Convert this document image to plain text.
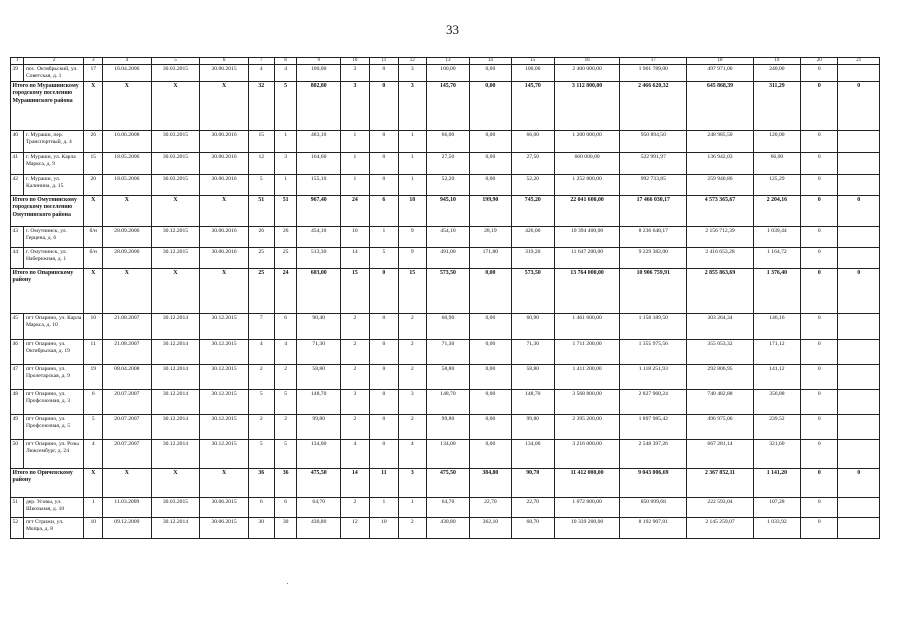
33
1	2	3	4	5	6	7	8	9	10	11	12	13	14	15	16	17	18	19	20	21
39	пос. Октябрьский, ул. Советская, д. 1	17	16.04.2006	30.03.2015	30.06.2015	4	4	100,00	3	0	3	100,00	0,00	100,00	2 400 000,00	1 901 789,00	497 971,00	240,00	0	
Итого по Мурашинскому городскому поселению Мурашинского района		Х	Х	Х	Х	32	5	802,80	3	0	3	145,70	0,00	145,70	3 112 800,00	2 466 620,32	645 868,39	311,29	0	0
40	г. Мураши, пер. Транспортный, д. 4	26	16.06.2008	30.03.2015	30.06.2016	15	1	483,10	1	0	1	66,00	0,00	66,00	1 200 000,00	950 894,50	248 985,50	120,00	0	
41	г. Мураши, ул. Карла Маркса, д. 9	15	18.05.2006	30.03.2015	30.06.2016	12	3	164,60	1	0	1	27,50	0,00	27,50	660 000,00	522 991,97	136 942,03	66,00	0	
42	г. Мураши, ул. Калинина, д. 15	20	18.05.2006	30.03.2015	30.06.2016	5	1	155,10	1	0	1	52,20	0,00	52,20	1 252 800,00	992 733,85	259 940,86	125,29	0	
Итого по Омутнинскому городскому поселению Омутнинского района		Х	Х	Х	Х	51	51	967,40	24	6	18	945,10	199,90	745,20	22 041 600,00	17 466 030,17	4 573 365,67	2 204,16	0	0
43	г. Омутнинск, ул. Герцена, д. 6	б/н	28.09.2006	30.12.2015	30.06.2016	26	26	454,10	10	1	9	454,10	28,19	426,00	10 394 400,00	8 236 648,17	2 156 712,39	1 039,44	0	
44	г. Омутнинск, ул. Набережная, д. 1	б/н	28.09.2006	30.12.2015	30.06.2016	25	25	513,30	14	5	9	491,00	171,80	319,20	11 647 200,00	9 229 382,00	2 416 653,28	1 164,72	0	
Итого по Опаринскому району		Х	Х	Х	Х	25	24	603,00	15	0	15	573,50	0,00	573,50	13 764 000,00	10 906 759,91	2 855 863,69	1 376,40	0	0
45	пгт Опарино, ул. Карла Маркса, д. 10	10	21.08.2007	30.12.2014	30.12.2015	7	6	90,40	2	0	2	60,90	0,00	60,90	1 461 600,00	1 158 189,50	303 264,34	146,16	0	
46	пгт Опарино, ул. Октябрьская, д. 19	11	21.08.2007	30.12.2014	30.12.2015	4	4	71,30	2	0	2	71,30	0,00	71,30	1 711 200,00	1 355 975,56	355 053,32	171,12	0	
47	пгт Опарино, ул. Пролетарская, д. 9	19	08.04.2008	30.12.2014	30.12.2015	2	2	58,80	2	0	2	58,80	0,00	58,80	1 411 200,00	1 118 251,93	292 806,95	141,12	0	
48	пгт Опарино, ул. Профсоюзная, д. 3	6	20.07.2007	30.12.2014	30.12.2015	5	5	148,70	3	0	3	148,70	0,00	148,70	3 568 800,00	2 827 960,24	740 482,88	356,88	0	
49	пгт Опарино, ул. Профсоюзная, д. 5	5	20.07.2007	30.12.2014	30.12.2015	2	2	99,80	2	0	2	99,80	0,00	99,80	2 395 200,00	1 897 985,42	496 975,06	239,52	0	
50	пгт Опарино, ул. Розы Люксембург, д. 24	4	20.07.2007	30.12.2014	30.12.2015	5	5	134,00	4	0	4	134,00	0,00	134,00	3 216 000,00	2 548 397,26	667 281,14	321,60	0	
Итого по Оричевскому району		Х	Х	Х	Х	36	36	475,50	14	11	3	475,50	384,80	90,70	11 412 000,00	9 043 006,69	2 367 852,11	1 141,20	0	0
51	дер. Усовы, ул. Школьная, д. 10	1	11.03.2009	30.03.2015	30.06.2015	6	6	64,70	2	1	1	64,70	22,70	22,70	1 072 800,00	850 099,68	222 593,04	107,28	0	
52	пгт Стрижи, ул. Мопра, д. 8	10	09.12.2009	30.12.2014	30.06.2015	30	30	430,80	12	10	2	430,80	362,10	68,70	10 339 200,00	8 192 907,01	2 145 259,07	1 033,92	0	
